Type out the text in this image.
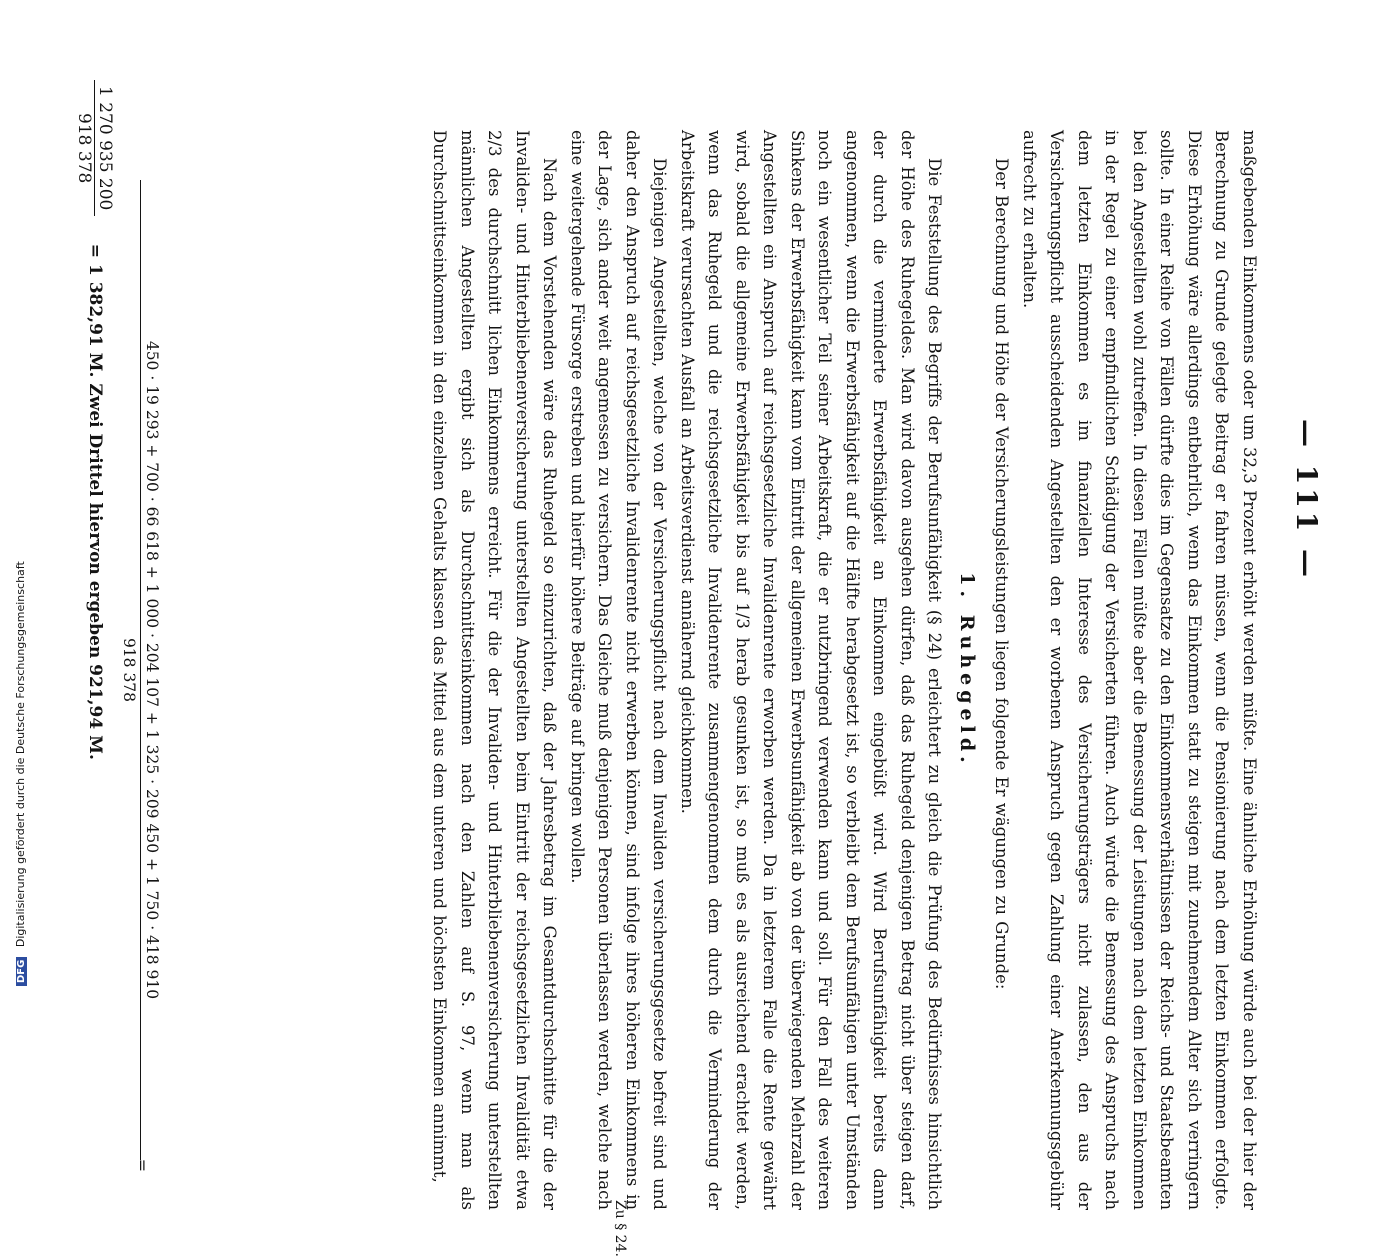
— 111 —

maßgebenden Einkommens oder um 32,3 Prozent erhöht werden müßte. Eine ähnliche Erhöhung würde auch bei der hier der Berechnung zu Grunde gelegte Beitrag er fahren müssen, wenn die Pensionierung nach dem letzten Einkommen erfolgte. Diese Erhöhung wäre allerdings entbehrlich, wenn das Einkommen statt zu steigen mit zunehmendem Alter sich verringern sollte. In einer Reihe von Fällen dürfte dies im Gegensatze zu den Einkommensverhältnissen der Reichs- und Staatsbeamten bei den Angestellten wohl zutreffen. In diesen Fällen müßte aber die Bemessung der Leistungen nach dem letzten Einkommen in der Regel zu einer empfindlichen Schädigung der Versicherten führen. Auch würde die Bemessung des Anspruchs nach dem letzten Einkommen es im finanziellen Interesse des Versicherungsträgers nicht zulassen, den aus der Versicherungspflicht ausscheidenden Angestellten den er worbenen Anspruch gegen Zahlung einer Anerkennungsgebühr aufrecht zu erhalten.

Der Berechnung und Höhe der Versicherungsleistungen liegen folgende Er wägungen zu Grunde:

1. Ruhegeld.

Die Feststellung des Begriffs der Berufsunfähigkeit (§ 24) erleichtert zu gleich die Prüfung des Bedürfnisses hinsichtlich der Höhe des Ruhegeldes. Man wird davon ausgehen dürfen, daß das Ruhegeld denjenigen Betrag nicht über steigen darf, der durch die verminderte Erwerbsfähigkeit an Einkommen eingebüßt wird. Wird Berufsunfähigkeit bereits dann angenommen, wenn die Erwerbsfähigkeit auf die Hälfte herabgesetzt ist, so verbleibt dem Berufsunfähigen unter Umständen noch ein wesentlicher Teil seiner Arbeitskraft, die er nutzbringend verwenden kann und soll. Für den Fall des weiteren Sinkens der Erwerbsfähigkeit kann vom Eintritt der allgemeinen Erwerbsunfähigkeit ab von der überwiegenden Mehrzahl der Angestellten ein Anspruch auf reichsgesetzliche Invalidenrente erworben werden. Da in letzterem Falle die Rente gewährt wird, sobald die allgemeine Erwerbsfähigkeit bis auf 1/3 herab gesunken ist, so muß es als ausreichend erachtet werden, wenn das Ruhegeld und die reichsgesetzliche Invalidenrente zusammengenommen dem durch die Verminderung der Arbeitskraft verursachten Ausfall an Arbeitsverdienst annähernd gleichkommen.

Diejenigen Angestellten, welche von der Versicherungspflicht nach dem Invaliden versicherungsgesetze befreit sind und daher den Anspruch auf reichsgesetzliche Invalidenrente nicht erwerben können, sind infolge ihres höheren Einkommens in der Lage, sich ander weit angemessen zu versichern. Das Gleiche muß denjenigen Personen überlassen werden, welche nach eine weitergehende Fürsorge erstreben und hierfür höhere Beiträge auf bringen wollen.

Nach dem Vorstehenden wäre das Ruhegeld so einzurichten, daß der Jahresbetrag im Gesamtdurchschnitte für die der Invaliden- und Hinterbliebenenversicherung unterstellten Angestellten beim Eintritt der reichsgesetzlichen Invalidität etwa 2/3 des durchschnitt lichen Einkommens erreicht. Für die der Invaliden- und Hinterbliebenenversicherung unterstellten männlichen Angestellten ergibt sich als Durchschnittseinkommen nach den Zahlen auf S. 97, wenn man als Durchschnittseinkommen in den einzelnen Gehalts klassen das Mittel aus dem unteren und höchsten Einkommen annimmt,

Zu § 24.
450 · 19 293 + 700 · 66 618 + 1 000 · 204 107 + 1 325 · 209 450 + 1 750 · 418 910
918 378
=
1 270 935 200
918 378
= 1 382,91 M. Zwei Drittel hiervon ergeben 921,94 M.
DFG Digitalisierung gefördert durch die Deutsche Forschungsgemeinschaft
